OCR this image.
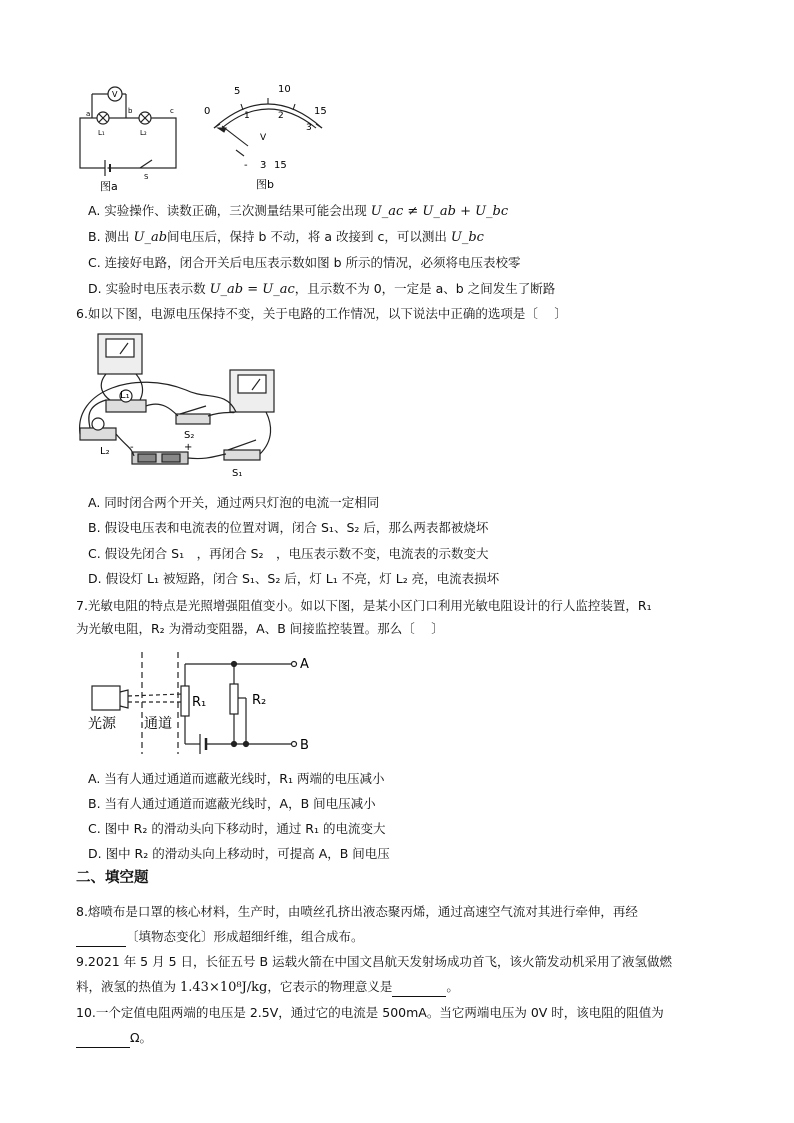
V
a	b	c
L₁	L₂
S
图a
0
5	10
15
1	2
3
V
- 3 15
图b
A. 实验操作、读数正确，三次测量结果可能会出现 U_ac ≠ U_ab + U_bc
B. 测出 U_ab间电压后，保持 b 不动，将 a 改接到 c，可以测出 U_bc
C. 连接好电路，闭合开关后电压表示数如图 b 所示的情况，必须将电压表校零
D. 实验时电压表示数 U_ab = U_ac，且示数不为 0，一定是 a、b 之间发生了断路
6.如以下图，电源电压保持不变，关于电路的工作情况，以下说法中正确的选项是〔　 〕
L₁
L₂
S₂
S₁
-	+
A. 同时闭合两个开关，通过两只灯泡的电流一定相同
B. 假设电压表和电流表的位置对调，闭合 S₁、S₂ 后，那么两表都被烧坏
C. 假设先闭合 S₁　，再闭合 S₂　，电压表示数不变，电流表的示数变大
D. 假设灯 L₁ 被短路，闭合 S₁、S₂ 后，灯 L₁ 不亮，灯 L₂ 亮，电流表损坏
7.光敏电阻的特点是光照增强阻值变小。如以下图，是某小区门口利用光敏电阻设计的行人监控装置，R₁
为光敏电阻，R₂ 为滑动变阻器，A、B 间接监控装置。那么〔　 〕
光源 通道
R₁	R₂
A
B
A. 当有人通过通道而遮蔽光线时，R₁ 两端的电压减小
B. 当有人通过通道而遮蔽光线时，A，B 间电压减小
C. 图中 R₂ 的滑动头向下移动时，通过 R₁ 的电流变大
D. 图中 R₂ 的滑动头向上移动时，可提高 A，B 间电压
二、填空题
8.熔喷布是口罩的核心材料，生产时，由喷丝孔挤出液态聚丙烯，通过高速空气流对其进行牵伸，再经
〔填物态变化〕形成超细纤维，组合成布。
9.2021 年 5 月 5 日，长征五号 B 运载火箭在中国文昌航天发射场成功首飞，该火箭发动机采用了液氢做燃
料，液氢的热值为 1.43×10⁸J/kg，它表示的物理意义是	。
10.一个定值电阻两端的电压是 2.5V，通过它的电流是 500mA。当它两端电压为 0V 时，该电阻的阻值为
Ω。
